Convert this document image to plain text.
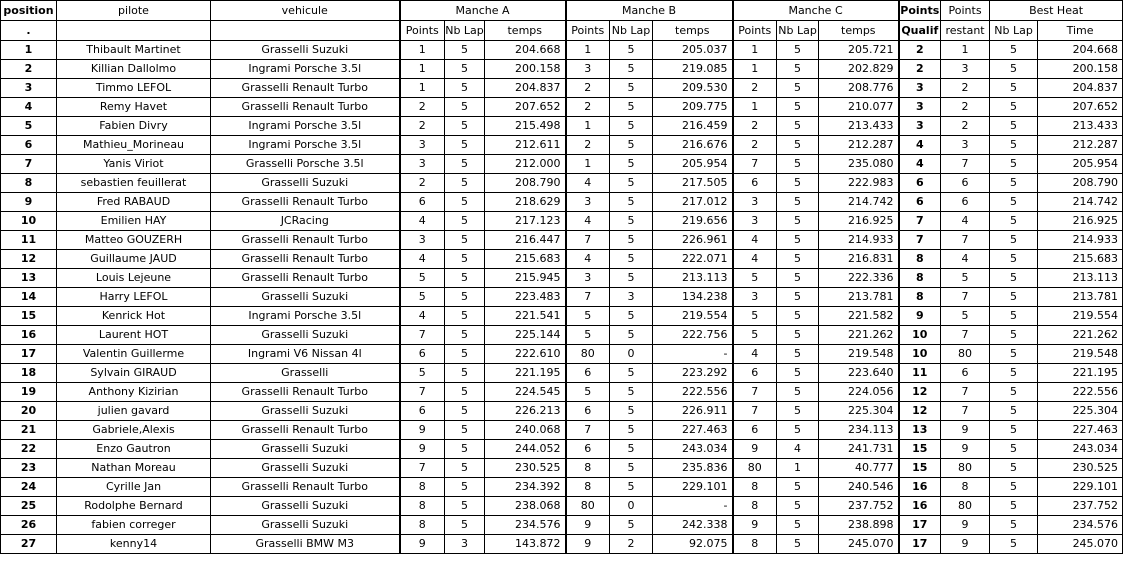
position	pilote	vehicule	Manche A			Manche B			Manche C			Points	Points	Best Heat	
.			Points	Nb Lap	temps	Points	Nb Lap	temps	Points	Nb Lap	temps	Qualif	restant	Nb Lap	Time
1	Thibault Martinet	Grasselli Suzuki	1	5	204.668	1	5	205.037	1	5	205.721	2	1	5	204.668
2	Killian Dallolmo	Ingrami Porsche 3.5l	1	5	200.158	3	5	219.085	1	5	202.829	2	3	5	200.158
3	Timmo LEFOL	Grasselli Renault Turbo	1	5	204.837	2	5	209.530	2	5	208.776	3	2	5	204.837
4	Remy Havet	Grasselli Renault Turbo	2	5	207.652	2	5	209.775	1	5	210.077	3	2	5	207.652
5	Fabien Divry	Ingrami Porsche 3.5l	2	5	215.498	1	5	216.459	2	5	213.433	3	2	5	213.433
6	Mathieu_Morineau	Ingrami Porsche 3.5l	3	5	212.611	2	5	216.676	2	5	212.287	4	3	5	212.287
7	Yanis Viriot	Grasselli Porsche 3.5l	3	5	212.000	1	5	205.954	7	5	235.080	4	7	5	205.954
8	sebastien feuillerat	Grasselli Suzuki	2	5	208.790	4	5	217.505	6	5	222.983	6	6	5	208.790
9	Fred RABAUD	Grasselli Renault Turbo	6	5	218.629	3	5	217.012	3	5	214.742	6	6	5	214.742
10	Emilien HAY	JCRacing	4	5	217.123	4	5	219.656	3	5	216.925	7	4	5	216.925
11	Matteo GOUZERH	Grasselli Renault Turbo	3	5	216.447	7	5	226.961	4	5	214.933	7	7	5	214.933
12	Guillaume JAUD	Grasselli Renault Turbo	4	5	215.683	4	5	222.071	4	5	216.831	8	4	5	215.683
13	Louis Lejeune	Grasselli Renault Turbo	5	5	215.945	3	5	213.113	5	5	222.336	8	5	5	213.113
14	Harry LEFOL	Grasselli Suzuki	5	5	223.483	7	3	134.238	3	5	213.781	8	7	5	213.781
15	Kenrick Hot	Ingrami Porsche 3.5l	4	5	221.541	5	5	219.554	5	5	221.582	9	5	5	219.554
16	Laurent HOT	Grasselli Suzuki	7	5	225.144	5	5	222.756	5	5	221.262	10	7	5	221.262
17	Valentin Guillerme	Ingrami V6 Nissan 4l	6	5	222.610	80	0	-	4	5	219.548	10	80	5	219.548
18	Sylvain GIRAUD	Grasselli	5	5	221.195	6	5	223.292	6	5	223.640	11	6	5	221.195
19	Anthony Kizirian	Grasselli Renault Turbo	7	5	224.545	5	5	222.556	7	5	224.056	12	7	5	222.556
20	julien gavard	Grasselli Suzuki	6	5	226.213	6	5	226.911	7	5	225.304	12	7	5	225.304
21	Gabriele,Alexis	Grasselli Renault Turbo	9	5	240.068	7	5	227.463	6	5	234.113	13	9	5	227.463
22	Enzo Gautron	Grasselli Suzuki	9	5	244.052	6	5	243.034	9	4	241.731	15	9	5	243.034
23	Nathan Moreau	Grasselli Suzuki	7	5	230.525	8	5	235.836	80	1	40.777	15	80	5	230.525
24	Cyrille Jan	Grasselli Renault Turbo	8	5	234.392	8	5	229.101	8	5	240.546	16	8	5	229.101
25	Rodolphe Bernard	Grasselli Suzuki	8	5	238.068	80	0	-	8	5	237.752	16	80	5	237.752
26	fabien correger	Grasselli Suzuki	8	5	234.576	9	5	242.338	9	5	238.898	17	9	5	234.576
27	kenny14	Grasselli BMW M3	9	3	143.872	9	2	92.075	8	5	245.070	17	9	5	245.070
